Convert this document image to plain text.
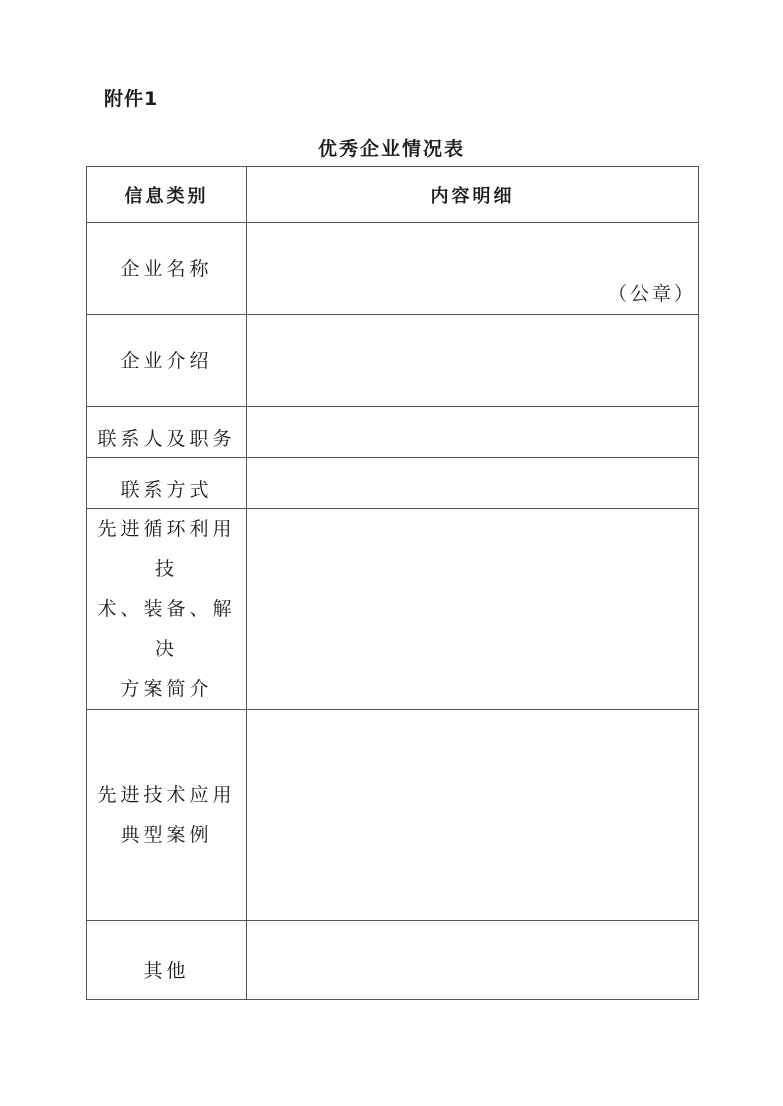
附件1
优秀企业情况表
信息类别	内容明细
企业名称	（公章）

企业介绍	
联系人及职务	
联系方式	

先进循环利用技
术、装备、解决
方案简介	

先进技术应用
典型案例	

其他	
